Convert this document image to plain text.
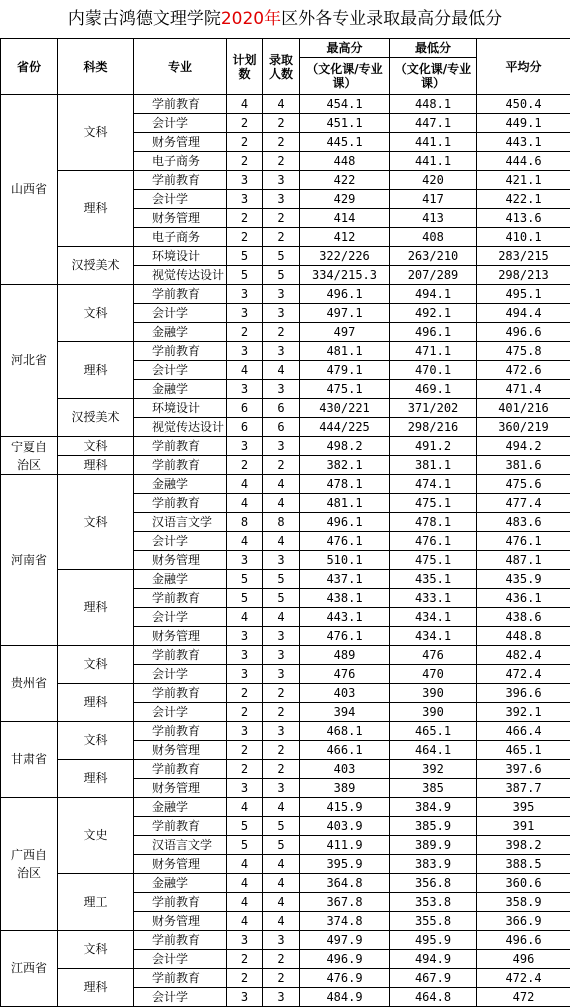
内蒙古鸿德文理学院2020年区外各专业录取最高分最低分
省份	科类	专业	计划数	录取人数	最高分	最低分	平均分

					（文化课/专业课）	（文化课/专业课）	

山西省	文科	学前教育	4	4	454.1	448.1	450.4
		会计学	2	2	451.1	447.1	449.1
		财务管理	2	2	445.1	441.1	443.1
		电子商务	2	2	448	441.1	444.6
	理科	学前教育	3	3	422	420	421.1
		会计学	3	3	429	417	422.1
		财务管理	2	2	414	413	413.6
		电子商务	2	2	412	408	410.1
	汉授美术	环境设计	5	5	322/226	263/210	283/215
		视觉传达设计	5	5	334/215.3	207/289	298/213
河北省	文科	学前教育	3	3	496.1	494.1	495.1
		会计学	3	3	497.1	492.1	494.4
		金融学	2	2	497	496.1	496.6
	理科	学前教育	3	3	481.1	471.1	475.8
		会计学	4	4	479.1	470.1	472.6
		金融学	3	3	475.1	469.1	471.4
	汉授美术	环境设计	6	6	430/221	371/202	401/216
		视觉传达设计	6	6	444/225	298/216	360/219
宁夏自治区	文科	学前教育	3	3	498.2	491.2	494.2
	理科	学前教育	2	2	382.1	381.1	381.6
河南省	文科	金融学	4	4	478.1	474.1	475.6
		学前教育	4	4	481.1	475.1	477.4
		汉语言文学	8	8	496.1	478.1	483.6
		会计学	4	4	476.1	476.1	476.1
		财务管理	3	3	510.1	475.1	487.1
	理科	金融学	5	5	437.1	435.1	435.9
		学前教育	5	5	438.1	433.1	436.1
		会计学	4	4	443.1	434.1	438.6
		财务管理	3	3	476.1	434.1	448.8
贵州省	文科	学前教育	3	3	489	476	482.4
		会计学	3	3	476	470	472.4
	理科	学前教育	2	2	403	390	396.6
		会计学	2	2	394	390	392.1
甘肃省	文科	学前教育	3	3	468.1	465.1	466.4
		财务管理	2	2	466.1	464.1	465.1
	理科	学前教育	2	2	403	392	397.6
		财务管理	3	3	389	385	387.7
广西自治区	文史	金融学	4	4	415.9	384.9	395
		学前教育	5	5	403.9	385.9	391
		汉语言文学	5	5	411.9	389.9	398.2
		财务管理	4	4	395.9	383.9	388.5
	理工	金融学	4	4	364.8	356.8	360.6
		学前教育	4	4	367.8	353.8	358.9
		财务管理	4	4	374.8	355.8	366.9
江西省	文科	学前教育	3	3	497.9	495.9	496.6
		会计学	2	2	496.9	494.9	496
	理科	学前教育	2	2	476.9	467.9	472.4
		会计学	3	3	484.9	464.8	472
